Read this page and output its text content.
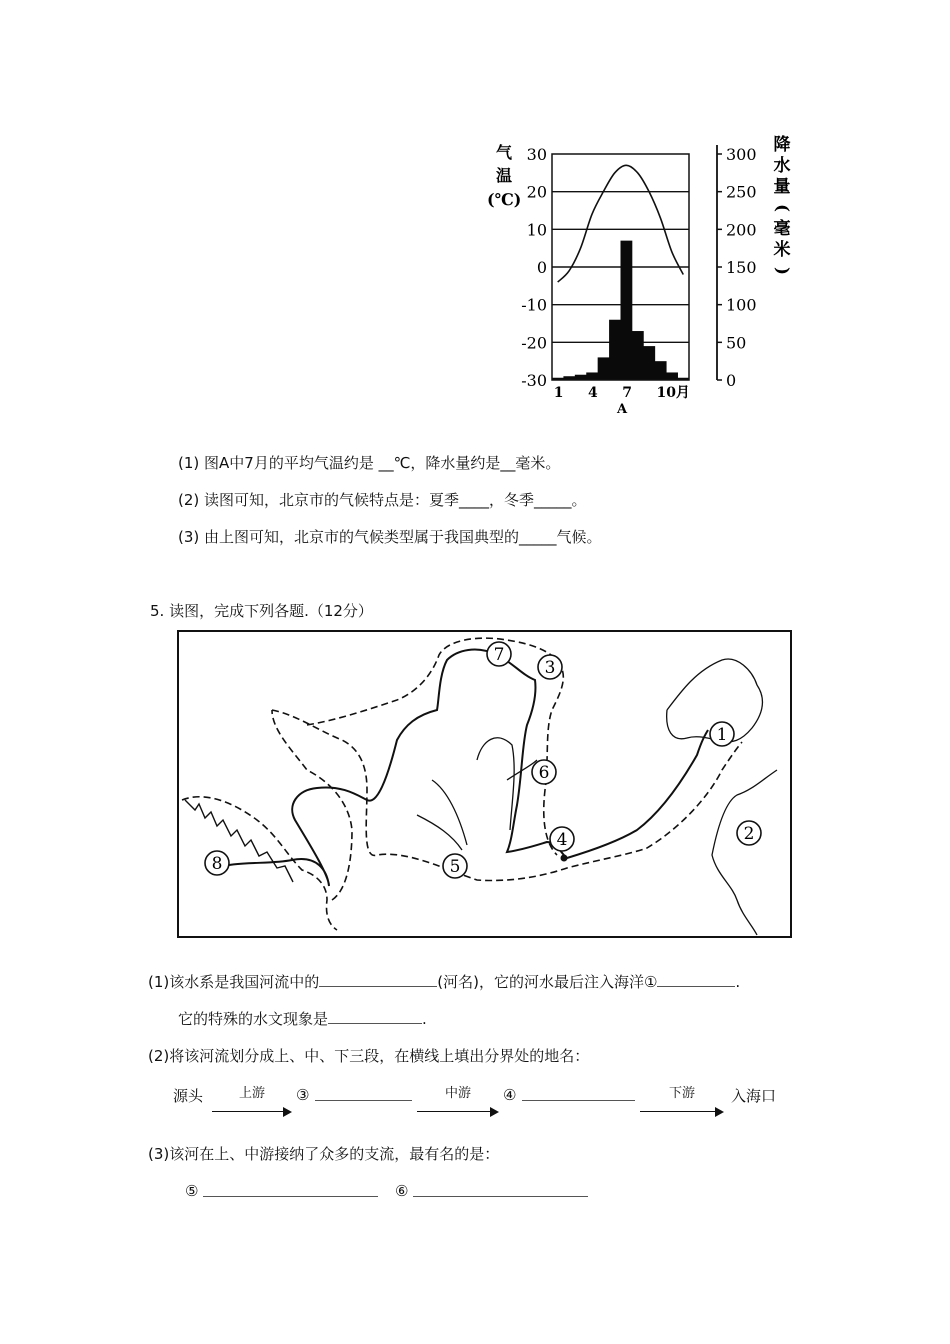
气
温
(℃)
降
水
量
(
毫
米
)
30
20
10
0
-10
-20
-30
300
250
200
150
100
50
0
1 4 7 10月
A
(1) 图A中7月的平均气温约是 __℃，降水量约是__毫米。
(2) 读图可知，北京市的气候特点是：夏季____，冬季_____。
(3) 由上图可知，北京市的气候类型属于我国典型的_____气候。
5. 读图，完成下列各题.（12分）
1
2
3
4
5
6
7
8
(1)该水系是我国河流中的	(河名)，它的河水最后注入海洋①	.
它的特殊的水文现象是	.
(2)将该河流划分成上、中、下三段，在横线上填出分界处的地名：
源头	上游	③	中游	④	下游	入海口
(3)该河在上、中游接纳了众多的支流，最有名的是：
⑤	⑥
